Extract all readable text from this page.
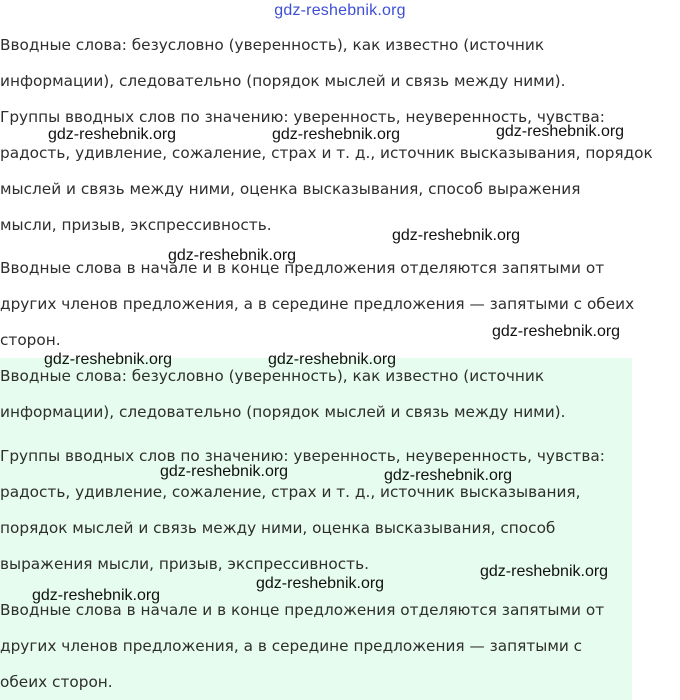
gdz-reshebnik.org

Вводные слова: безусловно (уверенность), как известно (источник

информации), следовательно (порядок мыслей и связь между ними).

Группы вводных слов по значению: уверенность, неуверенность, чувства:

радость, удивление, сожаление, страх и т. д., источник высказывания, порядок

мыслей и связь между ними, оценка высказывания, способ выражения

мысли, призыв, экспрессивность.

Вводные слова в начале и в конце предложения отделяются запятыми от

других членов предложения, а в середине предложения — запятыми с обеих

сторон.

Вводные слова: безусловно (уверенность), как известно (источник

информации), следовательно (порядок мыслей и связь между ними).

Группы вводных слов по значению: уверенность, неуверенность, чувства:

радость, удивление, сожаление, страх и т. д., источник высказывания,

порядок мыслей и связь между ними, оценка высказывания, способ

выражения мысли, призыв, экспрессивность.

Вводные слова в начале и в конце предложения отделяются запятыми от

других членов предложения, а в середине предложения — запятыми с

обеих сторон.

gdz-reshebnik.org	gdz-reshebnik.org	gdz-reshebnik.org
gdz-reshebnik.org
gdz-reshebnik.org
gdz-reshebnik.org
gdz-reshebnik.org	gdz-reshebnik.org
gdz-reshebnik.org	gdz-reshebnik.org
gdz-reshebnik.org
gdz-reshebnik.org
gdz-reshebnik.org
